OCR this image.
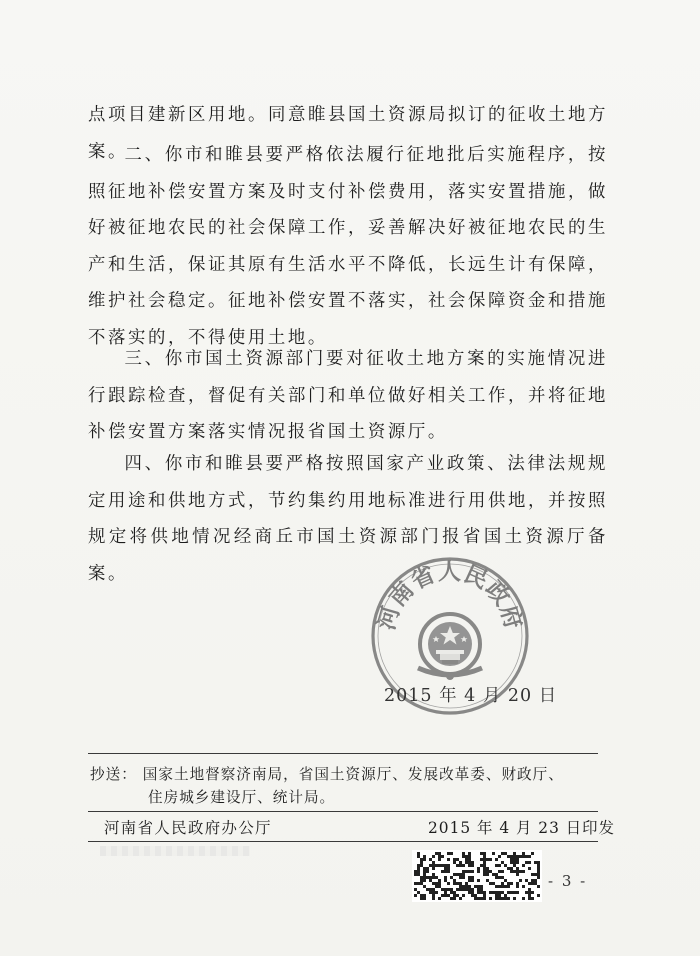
点项目建新区用地。同意睢县国土资源局拟订的征收土地方案。

二、你市和睢县要严格依法履行征地批后实施程序，按照征地补偿安置方案及时支付补偿费用，落实安置措施，做好被征地农民的社会保障工作，妥善解决好被征地农民的生产和生活，保证其原有生活水平不降低，长远生计有保障，维护社会稳定。征地补偿安置不落实，社会保障资金和措施不落实的，不得使用土地。

三、你市国土资源部门要对征收土地方案的实施情况进行跟踪检查，督促有关部门和单位做好相关工作，并将征地补偿安置方案落实情况报省国土资源厅。

四、你市和睢县要严格按照国家产业政策、法律法规规定用途和供地方式，节约集约用地标准进行用供地，并按照规定将供地情况经商丘市国土资源部门报省国土资源厅备案。

河南省人民政府
2015 年 4 月 20 日
抄送： 国家土地督察济南局，省国土资源厅、发展改革委、财政厅、
住房城乡建设厅、统计局。
河南省人民政府办公厅	2015 年 4 月 23 日印发
- 3 -
